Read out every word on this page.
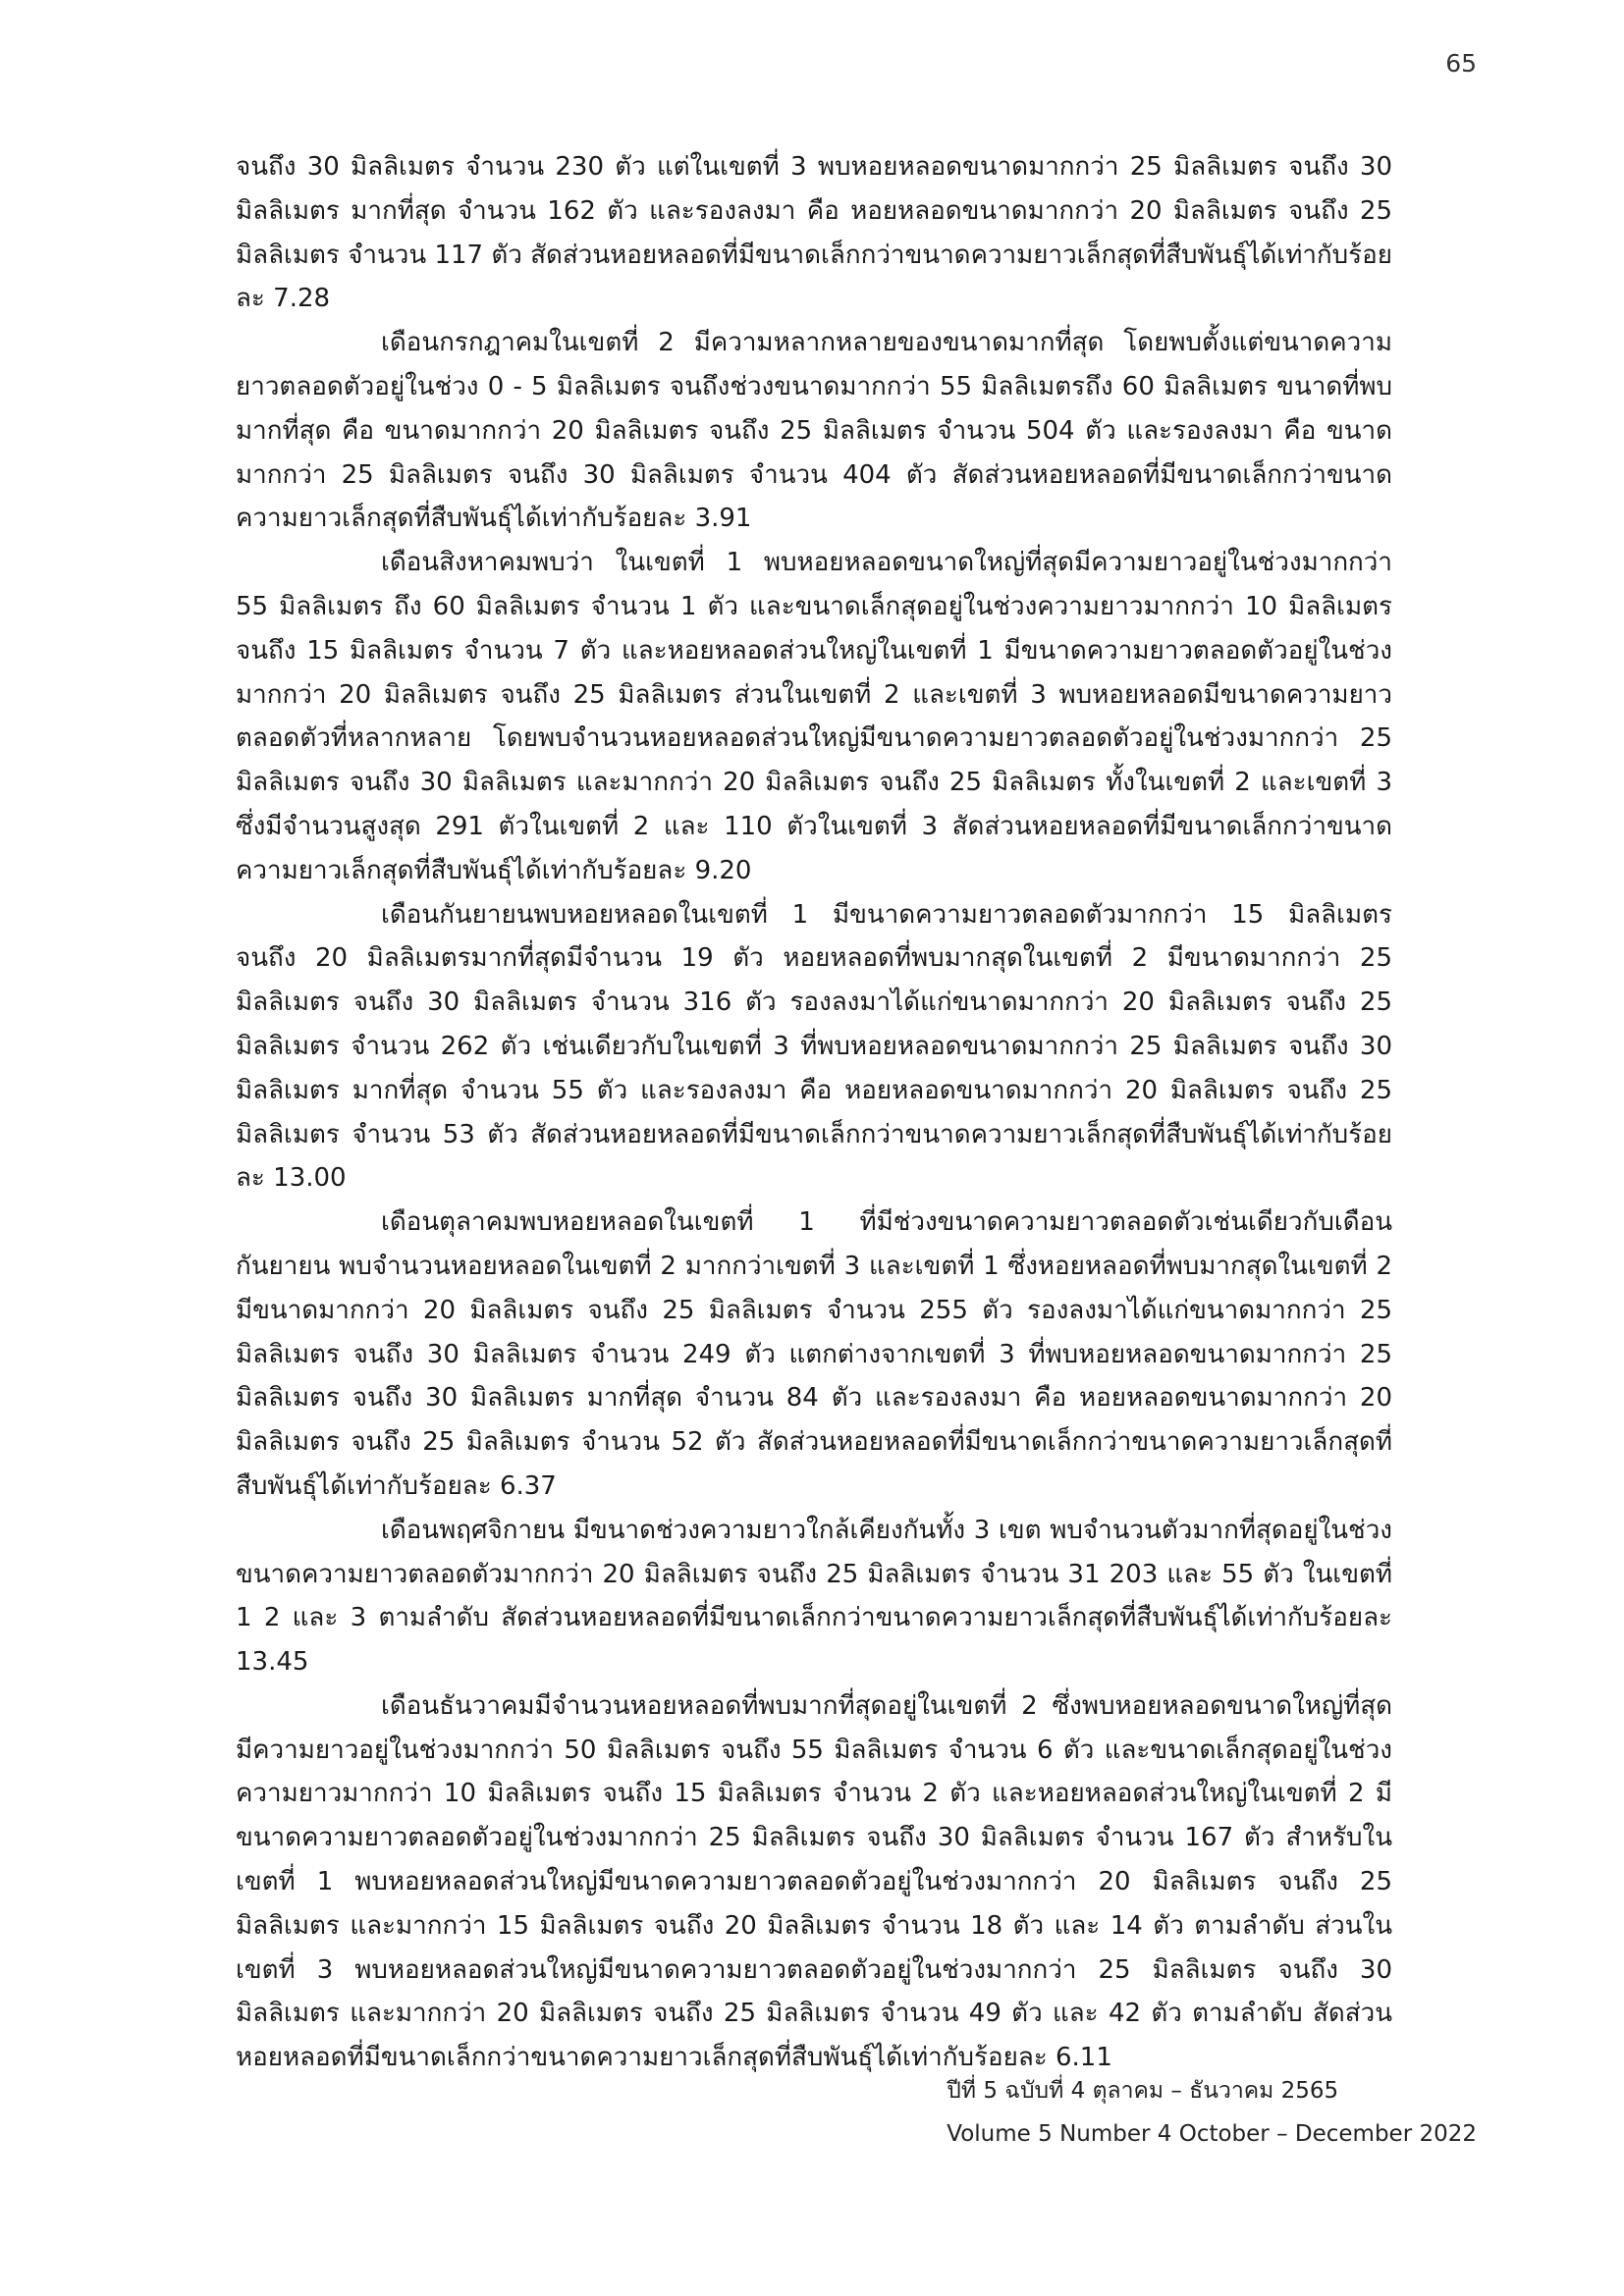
65

จนถึง 30 มิลลิเมตร จำนวน 230 ตัว แต่ในเขตที่ 3 พบหอยหลอดขนาดมากกว่า 25 มิลลิเมตร จนถึง 30 มิลลิเมตร มากที่สุด จำนวน 162 ตัว และรองลงมา คือ หอยหลอดขนาดมากกว่า 20 มิลลิเมตร จนถึง 25 มิลลิเมตร จำนวน 117 ตัว สัดส่วนหอยหลอดที่มีขนาดเล็กกว่าขนาดความยาวเล็กสุดที่สืบพันธุ์ได้เท่ากับร้อยละ 7.28

เดือนกรกฎาคมในเขตที่ 2 มีความหลากหลายของขนาดมากที่สุด โดยพบตั้งแต่ขนาดความยาวตลอดตัวอยู่ในช่วง 0 - 5 มิลลิเมตร จนถึงช่วงขนาดมากกว่า 55 มิลลิเมตรถึง 60 มิลลิเมตร ขนาดที่พบมากที่สุด คือ ขนาดมากกว่า 20 มิลลิเมตร จนถึง 25 มิลลิเมตร จำนวน 504 ตัว และรองลงมา คือ ขนาดมากกว่า 25 มิลลิเมตร จนถึง 30 มิลลิเมตร จำนวน 404 ตัว สัดส่วนหอยหลอดที่มีขนาดเล็กกว่าขนาดความยาวเล็กสุดที่สืบพันธุ์ได้เท่ากับร้อยละ 3.91

เดือนสิงหาคมพบว่า ในเขตที่ 1 พบหอยหลอดขนาดใหญ่ที่สุดมีความยาวอยู่ในช่วงมากกว่า 55 มิลลิเมตร ถึง 60 มิลลิเมตร จำนวน 1 ตัว และขนาดเล็กสุดอยู่ในช่วงความยาวมากกว่า 10 มิลลิเมตร จนถึง 15 มิลลิเมตร จำนวน 7 ตัว และหอยหลอดส่วนใหญ่ในเขตที่ 1 มีขนาดความยาวตลอดตัวอยู่ในช่วงมากกว่า 20 มิลลิเมตร จนถึง 25 มิลลิเมตร ส่วนในเขตที่ 2 และเขตที่ 3 พบหอยหลอดมีขนาดความยาวตลอดตัวที่หลากหลาย โดยพบจำนวนหอยหลอดส่วนใหญ่มีขนาดความยาวตลอดตัวอยู่ในช่วงมากกว่า 25 มิลลิเมตร จนถึง 30 มิลลิเมตร และมากกว่า 20 มิลลิเมตร จนถึง 25 มิลลิเมตร ทั้งในเขตที่ 2 และเขตที่ 3 ซึ่งมีจำนวนสูงสุด 291 ตัวในเขตที่ 2 และ 110 ตัวในเขตที่ 3 สัดส่วนหอยหลอดที่มีขนาดเล็กกว่าขนาดความยาวเล็กสุดที่สืบพันธุ์ได้เท่ากับร้อยละ 9.20

เดือนกันยายนพบหอยหลอดในเขตที่ 1 มีขนาดความยาวตลอดตัวมากกว่า 15 มิลลิเมตร จนถึง 20 มิลลิเมตรมากที่สุดมีจำนวน 19 ตัว หอยหลอดที่พบมากสุดในเขตที่ 2 มีขนาดมากกว่า 25 มิลลิเมตร จนถึง 30 มิลลิเมตร จำนวน 316 ตัว รองลงมาได้แก่ขนาดมากกว่า 20 มิลลิเมตร จนถึง 25 มิลลิเมตร จำนวน 262 ตัว เช่นเดียวกับในเขตที่ 3 ที่พบหอยหลอดขนาดมากกว่า 25 มิลลิเมตร จนถึง 30 มิลลิเมตร มากที่สุด จำนวน 55 ตัว และรองลงมา คือ หอยหลอดขนาดมากกว่า 20 มิลลิเมตร จนถึง 25 มิลลิเมตร จำนวน 53 ตัว สัดส่วนหอยหลอดที่มีขนาดเล็กกว่าขนาดความยาวเล็กสุดที่สืบพันธุ์ได้เท่ากับร้อยละ 13.00

เดือนตุลาคมพบหอยหลอดในเขตที่ 1 ที่มีช่วงขนาดความยาวตลอดตัวเช่นเดียวกับเดือนกันยายน พบจำนวนหอยหลอดในเขตที่ 2 มากกว่าเขตที่ 3 และเขตที่ 1 ซึ่งหอยหลอดที่พบมากสุดในเขตที่ 2 มีขนาดมากกว่า 20 มิลลิเมตร จนถึง 25 มิลลิเมตร จำนวน 255 ตัว รองลงมาได้แก่ขนาดมากกว่า 25 มิลลิเมตร จนถึง 30 มิลลิเมตร จำนวน 249 ตัว แตกต่างจากเขตที่ 3 ที่พบหอยหลอดขนาดมากกว่า 25 มิลลิเมตร จนถึง 30 มิลลิเมตร มากที่สุด จำนวน 84 ตัว และรองลงมา คือ หอยหลอดขนาดมากกว่า 20 มิลลิเมตร จนถึง 25 มิลลิเมตร จำนวน 52 ตัว สัดส่วนหอยหลอดที่มีขนาดเล็กกว่าขนาดความยาวเล็กสุดที่สืบพันธุ์ได้เท่ากับร้อยละ 6.37

เดือนพฤศจิกายน มีขนาดช่วงความยาวใกล้เคียงกันทั้ง 3 เขต พบจำนวนตัวมากที่สุดอยู่ในช่วงขนาดความยาวตลอดตัวมากกว่า 20 มิลลิเมตร จนถึง 25 มิลลิเมตร จำนวน 31 203 และ 55 ตัว ในเขตที่ 1 2 และ 3 ตามลำดับ สัดส่วนหอยหลอดที่มีขนาดเล็กกว่าขนาดความยาวเล็กสุดที่สืบพันธุ์ได้เท่ากับร้อยละ 13.45

เดือนธันวาคมมีจำนวนหอยหลอดที่พบมากที่สุดอยู่ในเขตที่ 2 ซึ่งพบหอยหลอดขนาดใหญ่ที่สุดมีความยาวอยู่ในช่วงมากกว่า 50 มิลลิเมตร จนถึง 55 มิลลิเมตร จำนวน 6 ตัว และขนาดเล็กสุดอยู่ในช่วงความยาวมากกว่า 10 มิลลิเมตร จนถึง 15 มิลลิเมตร จำนวน 2 ตัว และหอยหลอดส่วนใหญ่ในเขตที่ 2 มีขนาดความยาวตลอดตัวอยู่ในช่วงมากกว่า 25 มิลลิเมตร จนถึง 30 มิลลิเมตร จำนวน 167 ตัว สำหรับในเขตที่ 1 พบหอยหลอดส่วนใหญ่มีขนาดความยาวตลอดตัวอยู่ในช่วงมากกว่า 20 มิลลิเมตร จนถึง 25 มิลลิเมตร และมากกว่า 15 มิลลิเมตร จนถึง 20 มิลลิเมตร จำนวน 18 ตัว และ 14 ตัว ตามลำดับ ส่วนในเขตที่ 3 พบหอยหลอดส่วนใหญ่มีขนาดความยาวตลอดตัวอยู่ในช่วงมากกว่า 25 มิลลิเมตร จนถึง 30 มิลลิเมตร และมากกว่า 20 มิลลิเมตร จนถึง 25 มิลลิเมตร จำนวน 49 ตัว และ 42 ตัว ตามลำดับ สัดส่วนหอยหลอดที่มีขนาดเล็กกว่าขนาดความยาวเล็กสุดที่สืบพันธุ์ได้เท่ากับร้อยละ 6.11

ปีที่ 5 ฉบับที่ 4 ตุลาคม – ธันวาคม 2565
Volume 5 Number 4 October – December 2022
